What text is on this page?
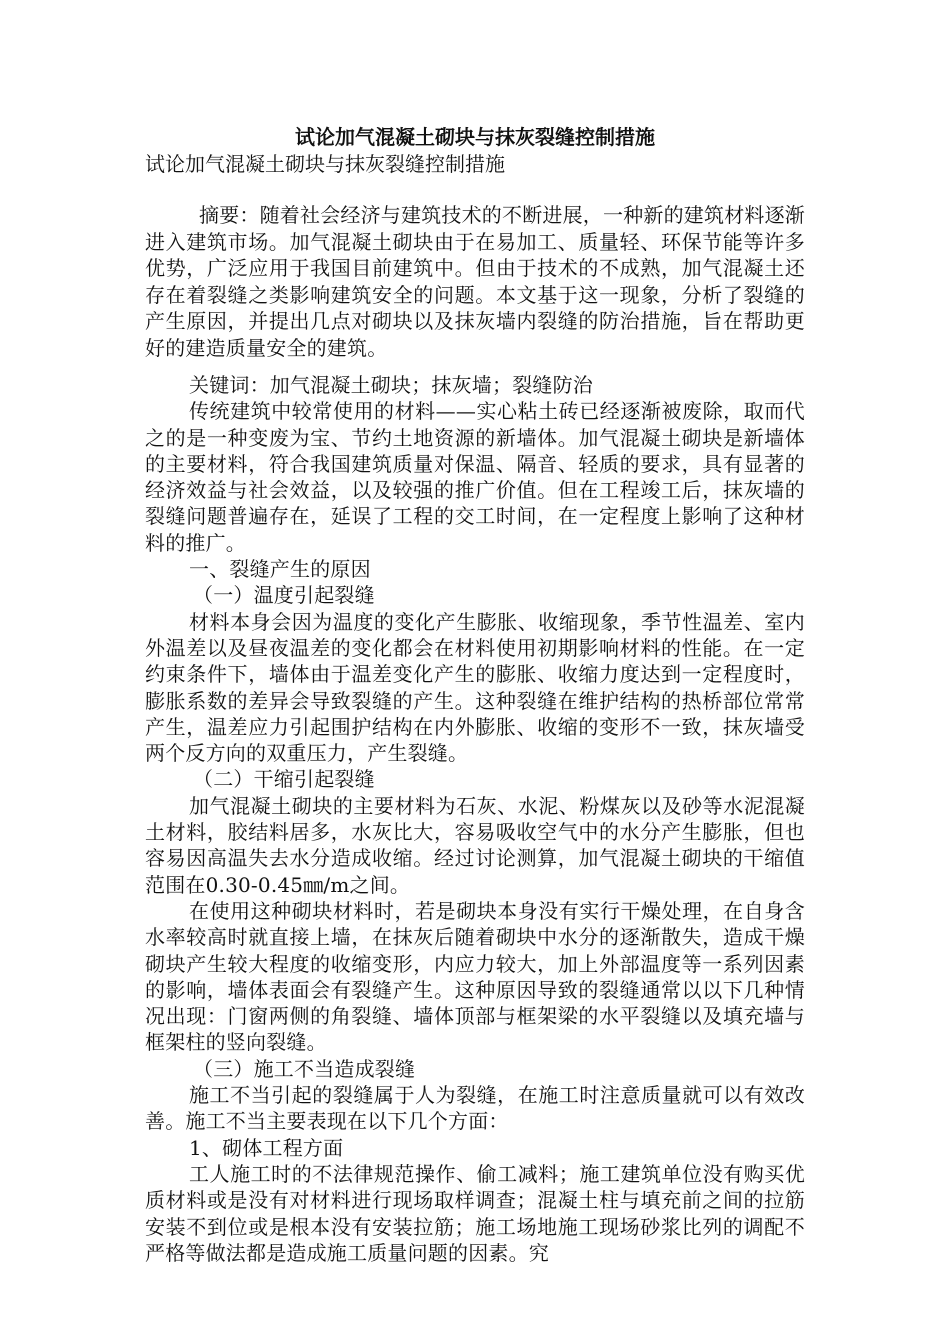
试论加气混凝土砌块与抹灰裂缝控制措施

试论加气混凝土砌块与抹灰裂缝控制措施

摘要：随着社会经济与建筑技术的不断进展，一种新的建筑材料逐渐进入建筑市场。加气混凝土砌块由于在易加工、质量轻、环保节能等许多优势，广泛应用于我国目前建筑中。但由于技术的不成熟，加气混凝土还存在着裂缝之类影响建筑安全的问题。本文基于这一现象，分析了裂缝的产生原因，并提出几点对砌块以及抹灰墙内裂缝的防治措施，旨在帮助更好的建造质量安全的建筑。

关键词：加气混凝土砌块；抹灰墙；裂缝防治

传统建筑中较常使用的材料——实心粘土砖已经逐渐被废除，取而代之的是一种变废为宝、节约土地资源的新墙体。加气混凝土砌块是新墙体的主要材料，符合我国建筑质量对保温、隔音、轻质的要求，具有显著的经济效益与社会效益，以及较强的推广价值。但在工程竣工后，抹灰墙的裂缝问题普遍存在，延误了工程的交工时间，在一定程度上影响了这种材料的推广。

一、裂缝产生的原因

（一）温度引起裂缝

材料本身会因为温度的变化产生膨胀、收缩现象，季节性温差、室内外温差以及昼夜温差的变化都会在材料使用初期影响材料的性能。在一定约束条件下，墙体由于温差变化产生的膨胀、收缩力度达到一定程度时，膨胀系数的差异会导致裂缝的产生。这种裂缝在维护结构的热桥部位常常产生，温差应力引起围护结构在内外膨胀、收缩的变形不一致，抹灰墙受两个反方向的双重压力，产生裂缝。

（二）干缩引起裂缝

加气混凝土砌块的主要材料为石灰、水泥、粉煤灰以及砂等水泥混凝土材料，胶结料居多，水灰比大，容易吸收空气中的水分产生膨胀，但也容易因高温失去水分造成收缩。经过讨论测算，加气混凝土砌块的干缩值范围在0.30-0.45㎜/m之间。

在使用这种砌块材料时，若是砌块本身没有实行干燥处理，在自身含水率较高时就直接上墙，在抹灰后随着砌块中水分的逐渐散失，造成干燥砌块产生较大程度的收缩变形，内应力较大，加上外部温度等一系列因素的影响，墙体表面会有裂缝产生。这种原因导致的裂缝通常以以下几种情况出现：门窗两侧的角裂缝、墙体顶部与框架梁的水平裂缝以及填充墙与框架柱的竖向裂缝。

（三）施工不当造成裂缝

施工不当引起的裂缝属于人为裂缝，在施工时注意质量就可以有效改善。施工不当主要表现在以下几个方面：

1、砌体工程方面

工人施工时的不法律规范操作、偷工减料；施工建筑单位没有购买优质材料或是没有对材料进行现场取样调查；混凝土柱与填充前之间的拉筋安装不到位或是根本没有安装拉筋；施工场地施工现场砂浆比列的调配不严格等做法都是造成施工质量问题的因素。究
